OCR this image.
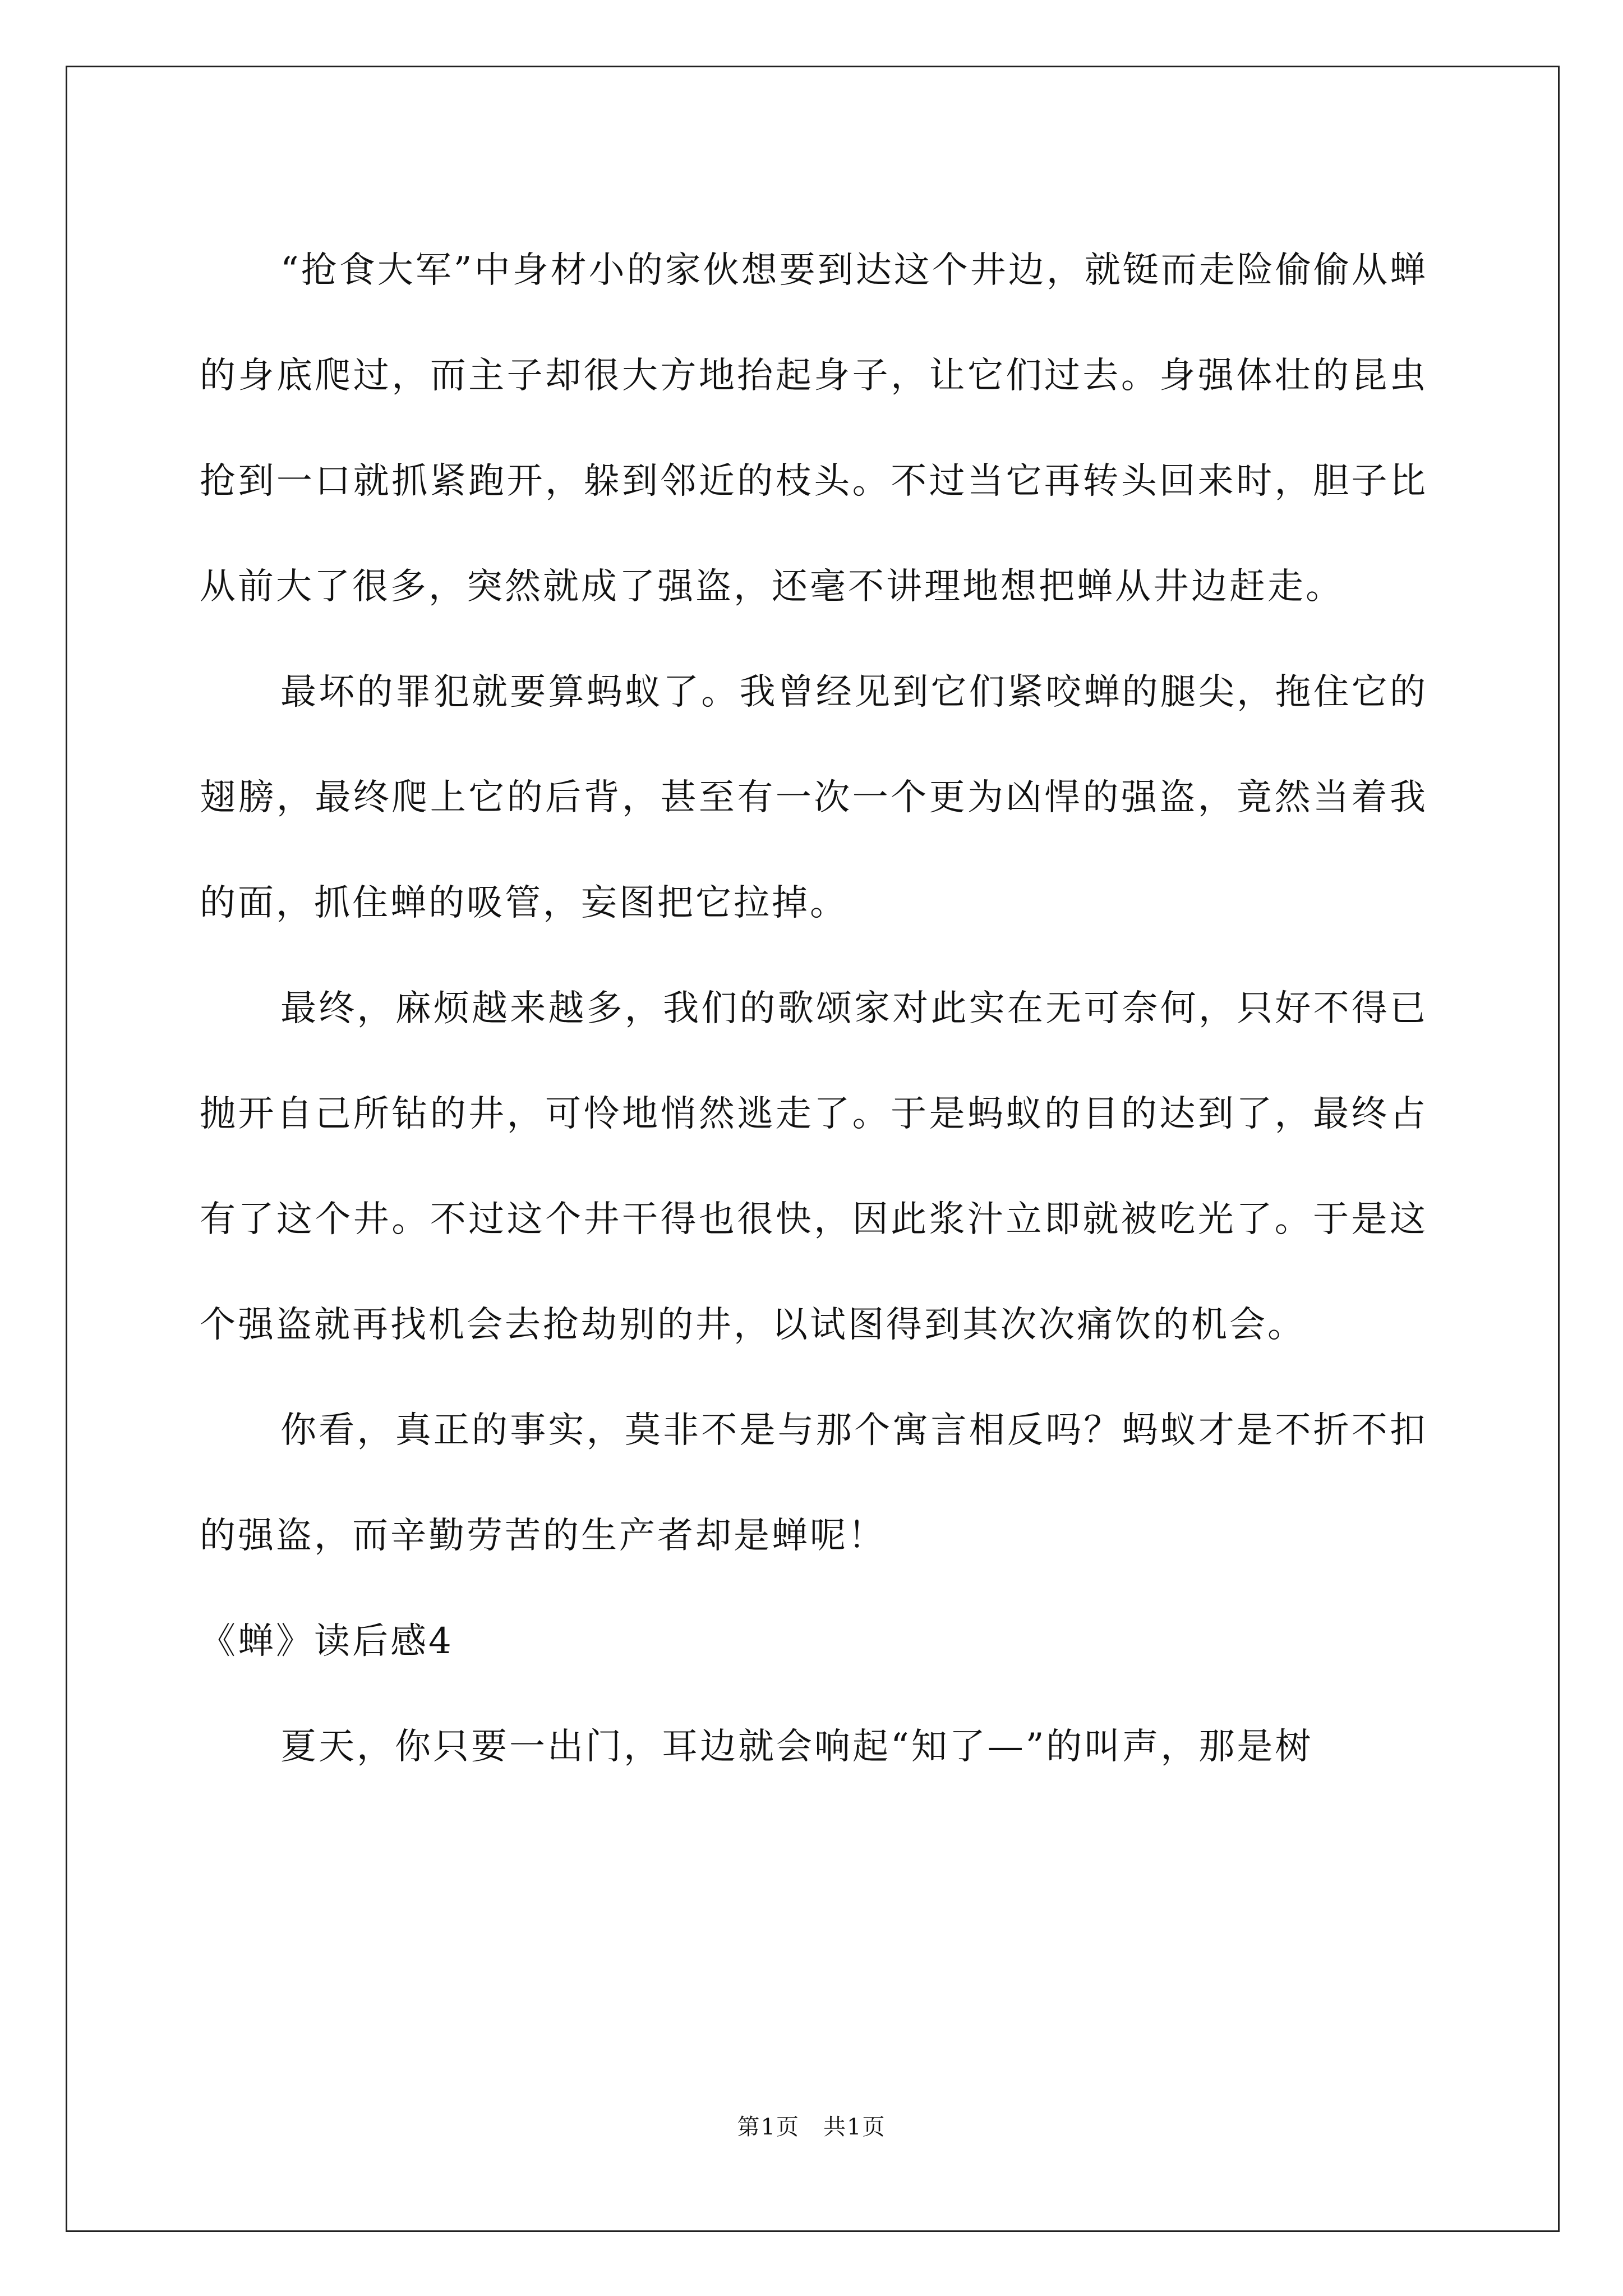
“抢食大军”中身材小的家伙想要到达这个井边，就铤而走险偷偷从蝉的身底爬过，而主子却很大方地抬起身子，让它们过去。身强体壮的昆虫抢到一口就抓紧跑开，躲到邻近的枝头。不过当它再转头回来时，胆子比从前大了很多，突然就成了强盗，还毫不讲理地想把蝉从井边赶走。

最坏的罪犯就要算蚂蚁了。我曾经见到它们紧咬蝉的腿尖，拖住它的翅膀，最终爬上它的后背，甚至有一次一个更为凶悍的强盗，竟然当着我的面，抓住蝉的吸管，妄图把它拉掉。

最终，麻烦越来越多，我们的歌颂家对此实在无可奈何，只好不得已抛开自己所钻的井，可怜地悄然逃走了。于是蚂蚁的目的达到了，最终占有了这个井。不过这个井干得也很快，因此浆汁立即就被吃光了。于是这个强盗就再找机会去抢劫别的井，以试图得到其次次痛饮的机会。

你看，真正的事实，莫非不是与那个寓言相反吗？蚂蚁才是不折不扣的强盗，而辛勤劳苦的生产者却是蝉呢！

《蝉》读后感4

夏天，你只要一出门，耳边就会响起“知了—”的叫声，那是树

第1页　共1页
